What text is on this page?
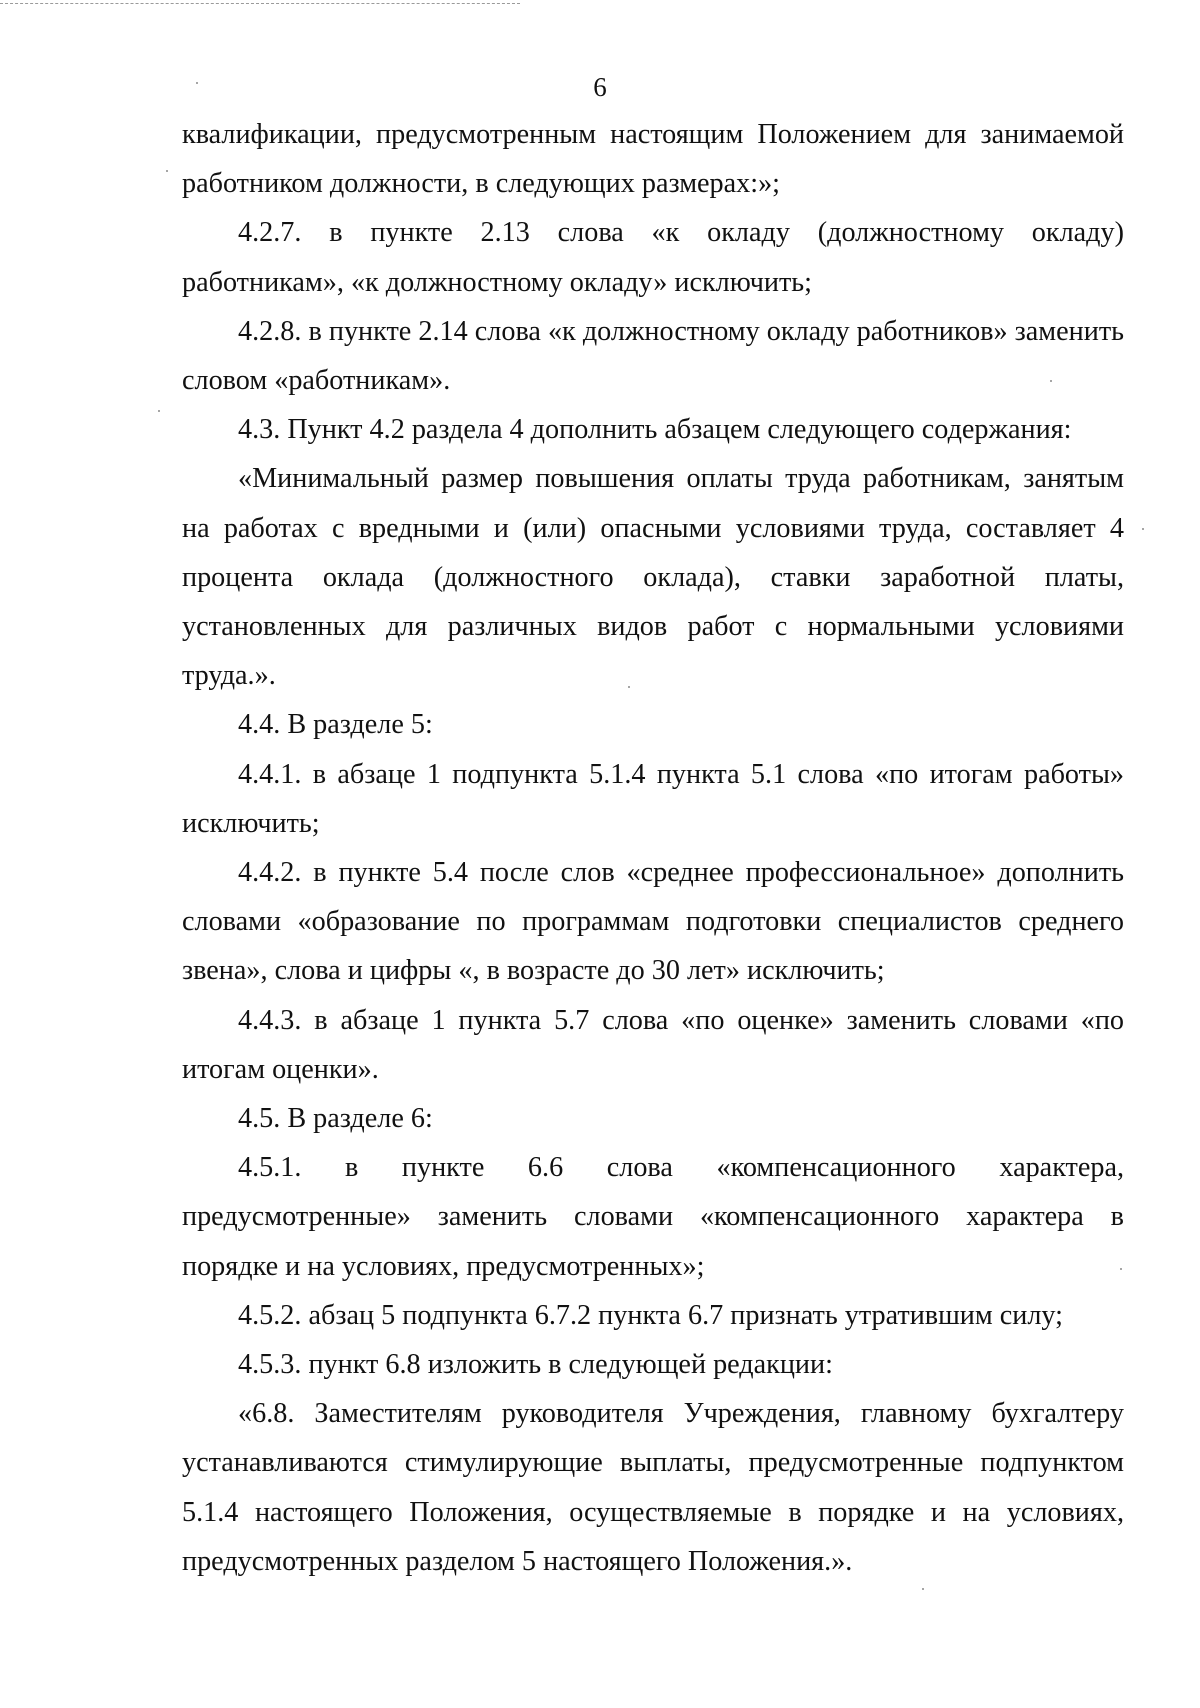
6

квалификации, предусмотренным настоящим Положением для занимаемой работником должности, в следующих размерах:»;

4.2.7. в пункте 2.13 слова «к окладу (должностному окладу) работникам», «к должностному окладу» исключить;

4.2.8. в пункте 2.14 слова «к должностному окладу работников» заменить словом «работникам».

4.3. Пункт 4.2 раздела 4 дополнить абзацем следующего содержания:

«Минимальный размер повышения оплаты труда работникам, занятым на работах с вредными и (или) опасными условиями труда, составляет 4 процента оклада (должностного оклада), ставки заработной платы, установленных для различных видов работ с нормальными условиями труда.».

4.4. В разделе 5:

4.4.1. в абзаце 1 подпункта 5.1.4 пункта 5.1 слова «по итогам работы» исключить;

4.4.2. в пункте 5.4 после слов «среднее профессиональное» дополнить словами «образование по программам подготовки специалистов среднего звена», слова и цифры «, в возрасте до 30 лет» исключить;

4.4.3. в абзаце 1 пункта 5.7 слова «по оценке» заменить словами «по итогам оценки».

4.5. В разделе 6:

4.5.1. в пункте 6.6 слова «компенсационного характера, предусмотренные» заменить словами «компенсационного характера в порядке и на условиях, предусмотренных»;

4.5.2. абзац 5 подпункта 6.7.2 пункта 6.7 признать утратившим силу;

4.5.3. пункт 6.8 изложить в следующей редакции:

«6.8. Заместителям руководителя Учреждения, главному бухгалтеру устанавливаются стимулирующие выплаты, предусмотренные подпунктом 5.1.4 настоящего Положения, осуществляемые в порядке и на условиях, предусмотренных разделом 5 настоящего Положения.».
